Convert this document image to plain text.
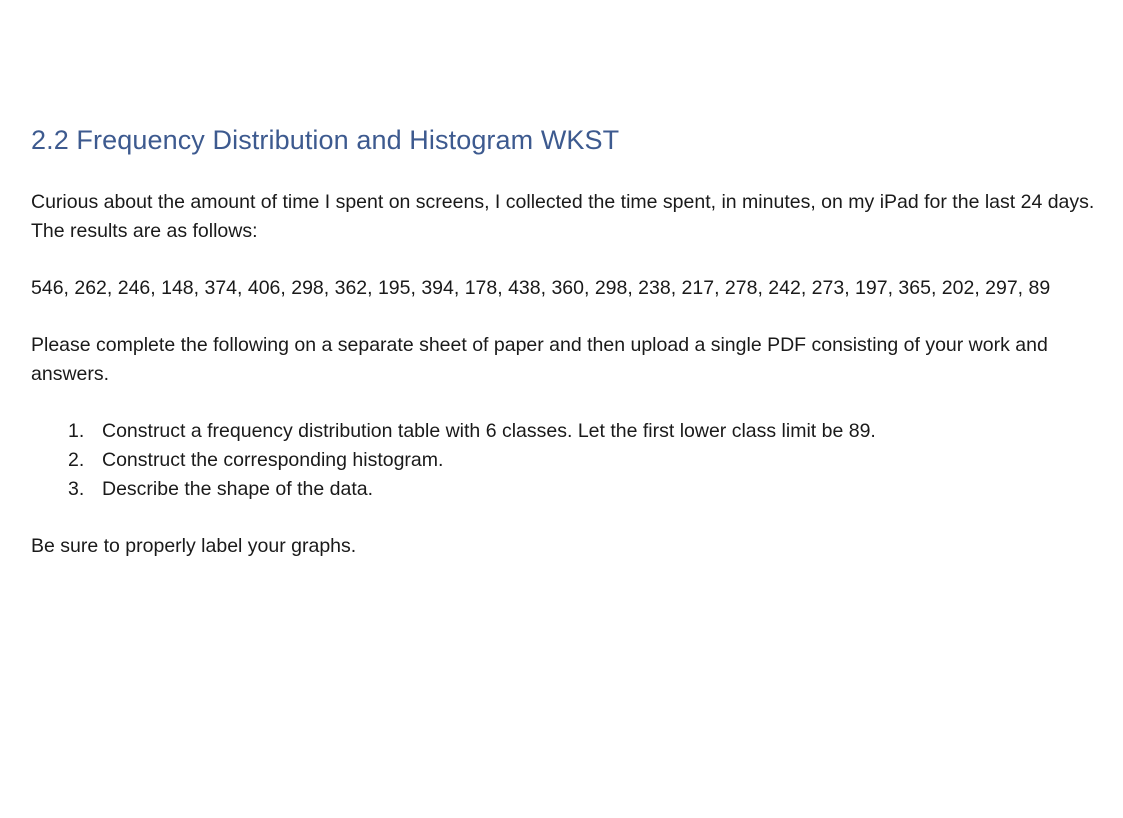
2.2 Frequency Distribution and Histogram WKST

Curious about the amount of time I spent on screens, I collected the time spent, in minutes, on my iPad for the last 24 days. The results are as follows:

546, 262, 246, 148, 374, 406, 298, 362, 195, 394, 178, 438, 360, 298, 238, 217, 278, 242, 273, 197, 365, 202, 297, 89

Please complete the following on a separate sheet of paper and then upload a single PDF consisting of your work and answers.

1. Construct a frequency distribution table with 6 classes. Let the first lower class limit be 89.
2. Construct the corresponding histogram.
3. Describe the shape of the data.

Be sure to properly label your graphs.
